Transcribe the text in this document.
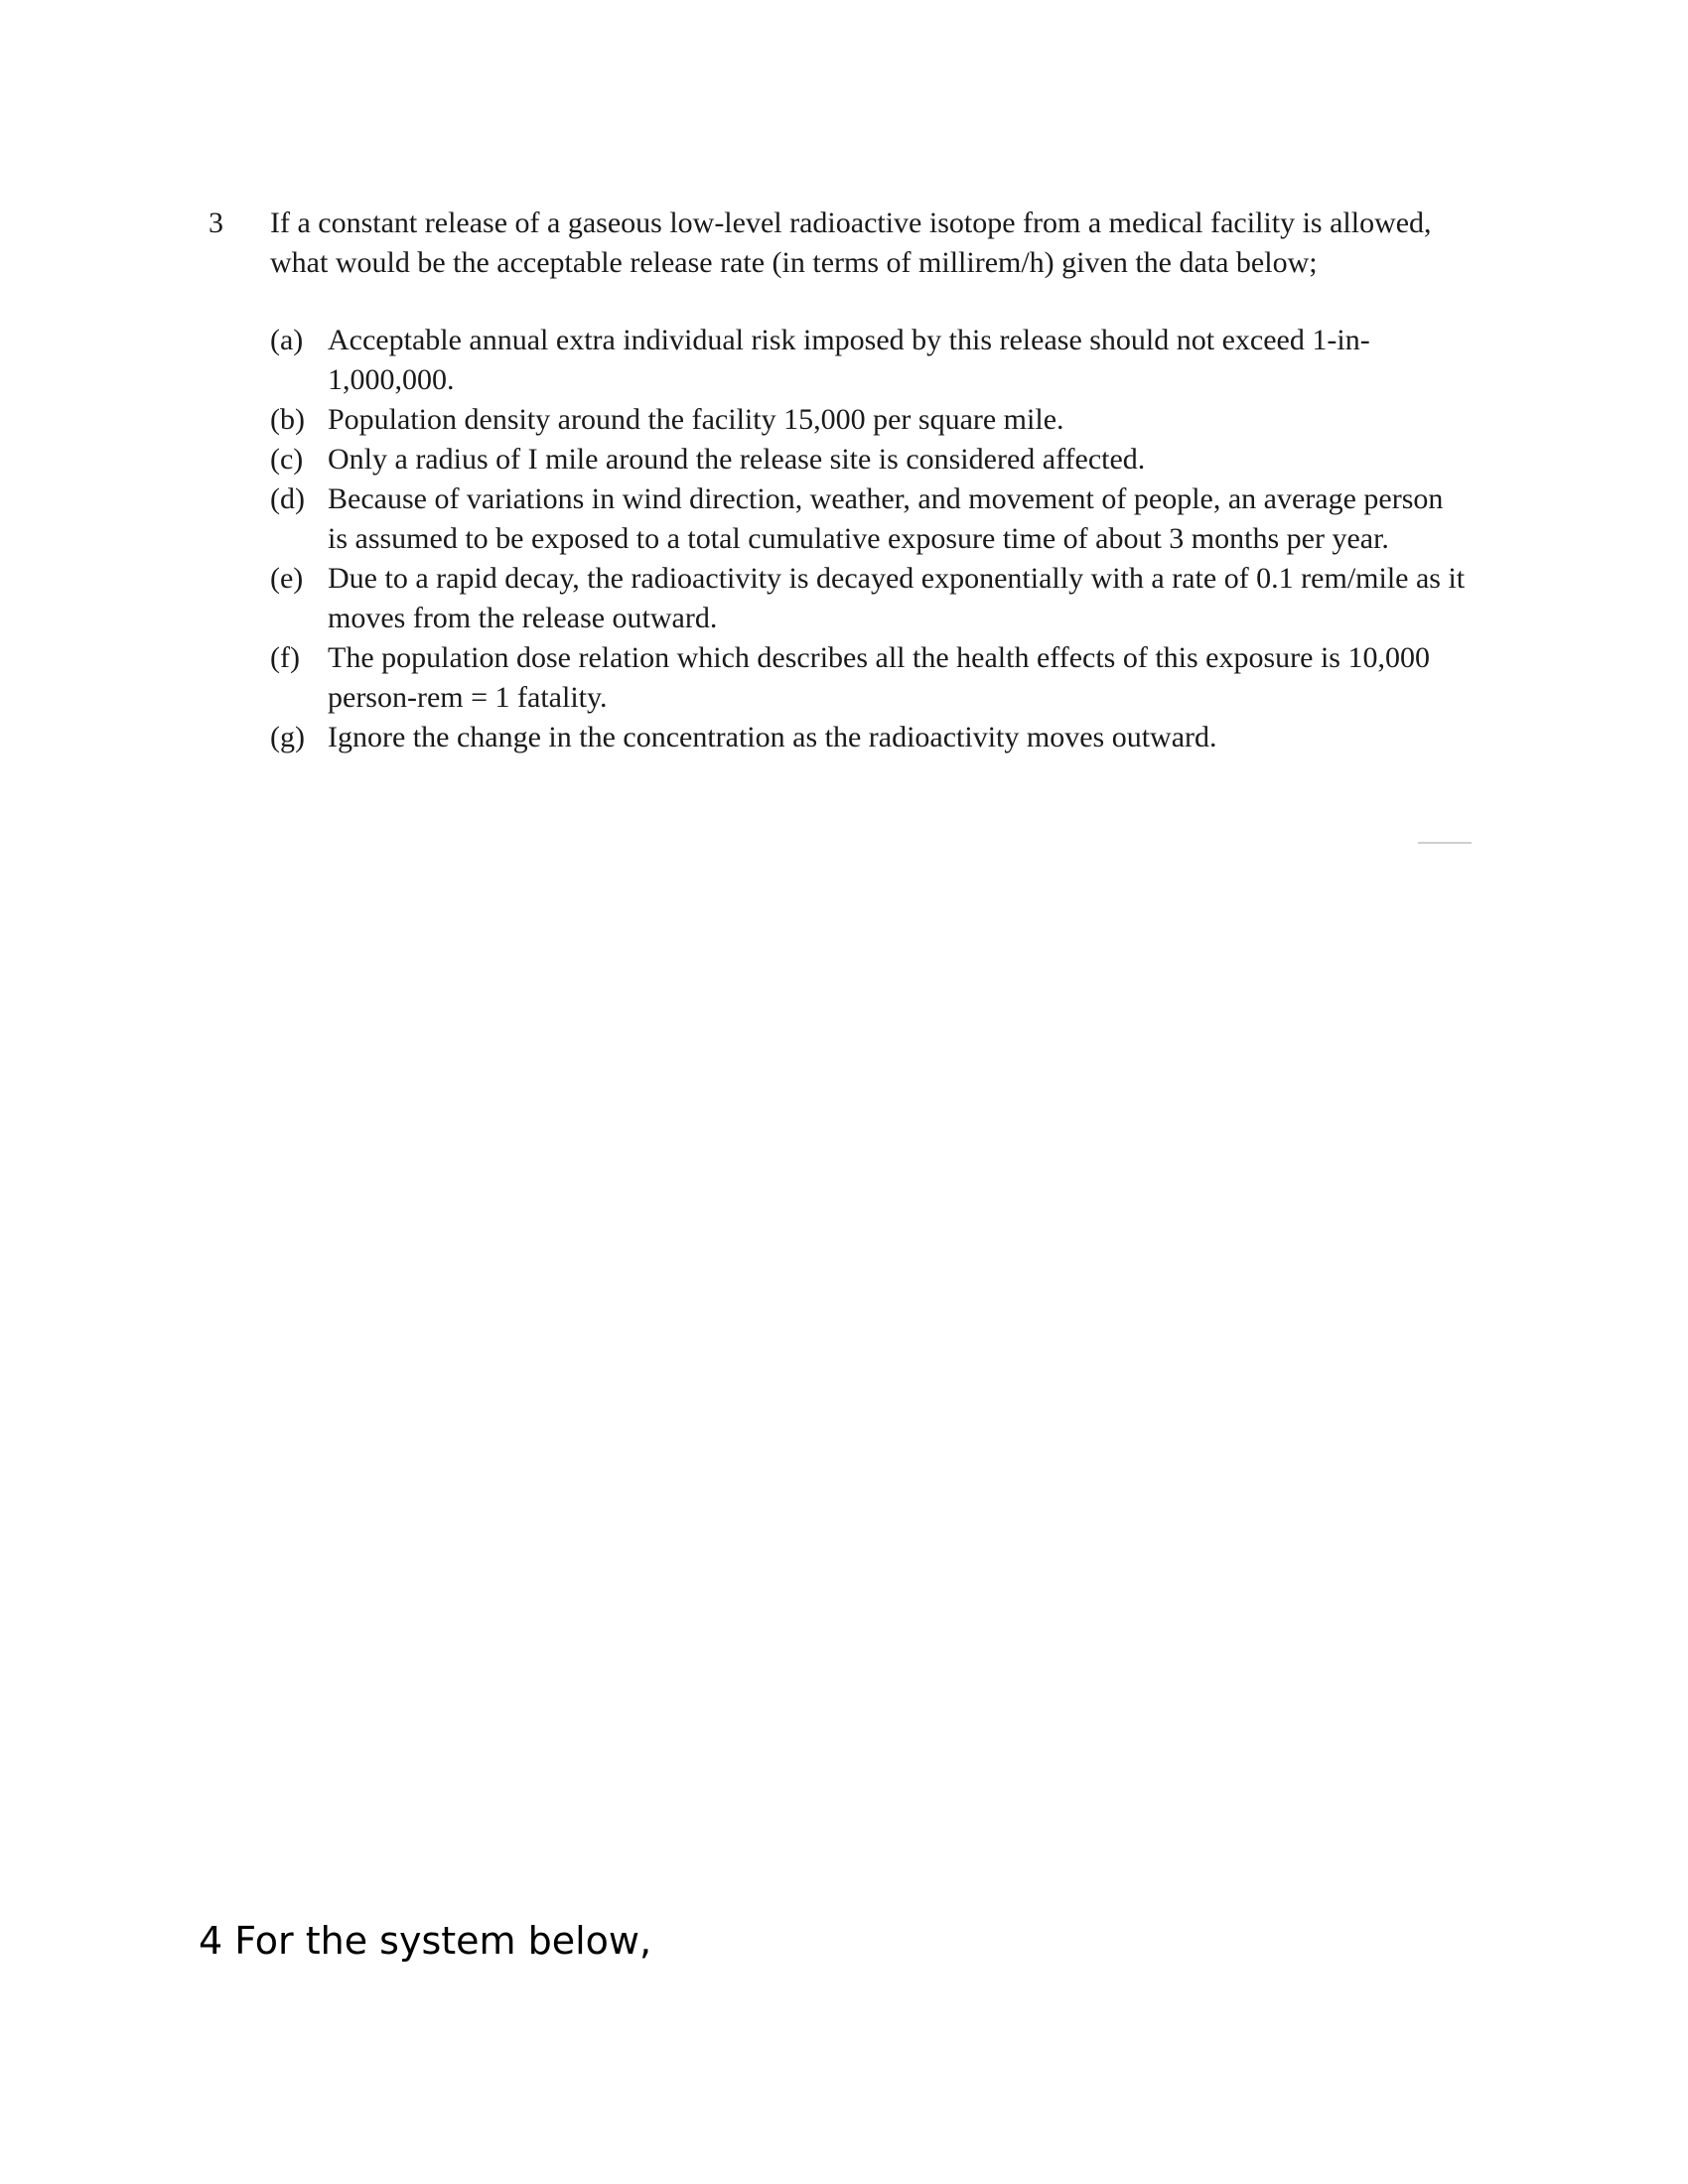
3	If a constant release of a gaseous low-level radioactive isotope from a medical facility is allowed, what would be the acceptable release rate (in terms of millirem/h) given the data below;
(a) Acceptable annual extra individual risk imposed by this release should not exceed 1-in-1,000,000.
(b) Population density around the facility 15,000 per square mile.
(c) Only a radius of I mile around the release site is considered affected.
(d) Because of variations in wind direction, weather, and movement of people, an average person is assumed to be exposed to a total cumulative exposure time of about 3 months per year.
(e) Due to a rapid decay, the radioactivity is decayed exponentially with a rate of 0.1 rem/mile as it moves from the release outward.
(f) The population dose relation which describes all the health effects of this exposure is 10,000 person-rem = 1 fatality.
(g) Ignore the change in the concentration as the radioactivity moves outward.
4 For the system below,
